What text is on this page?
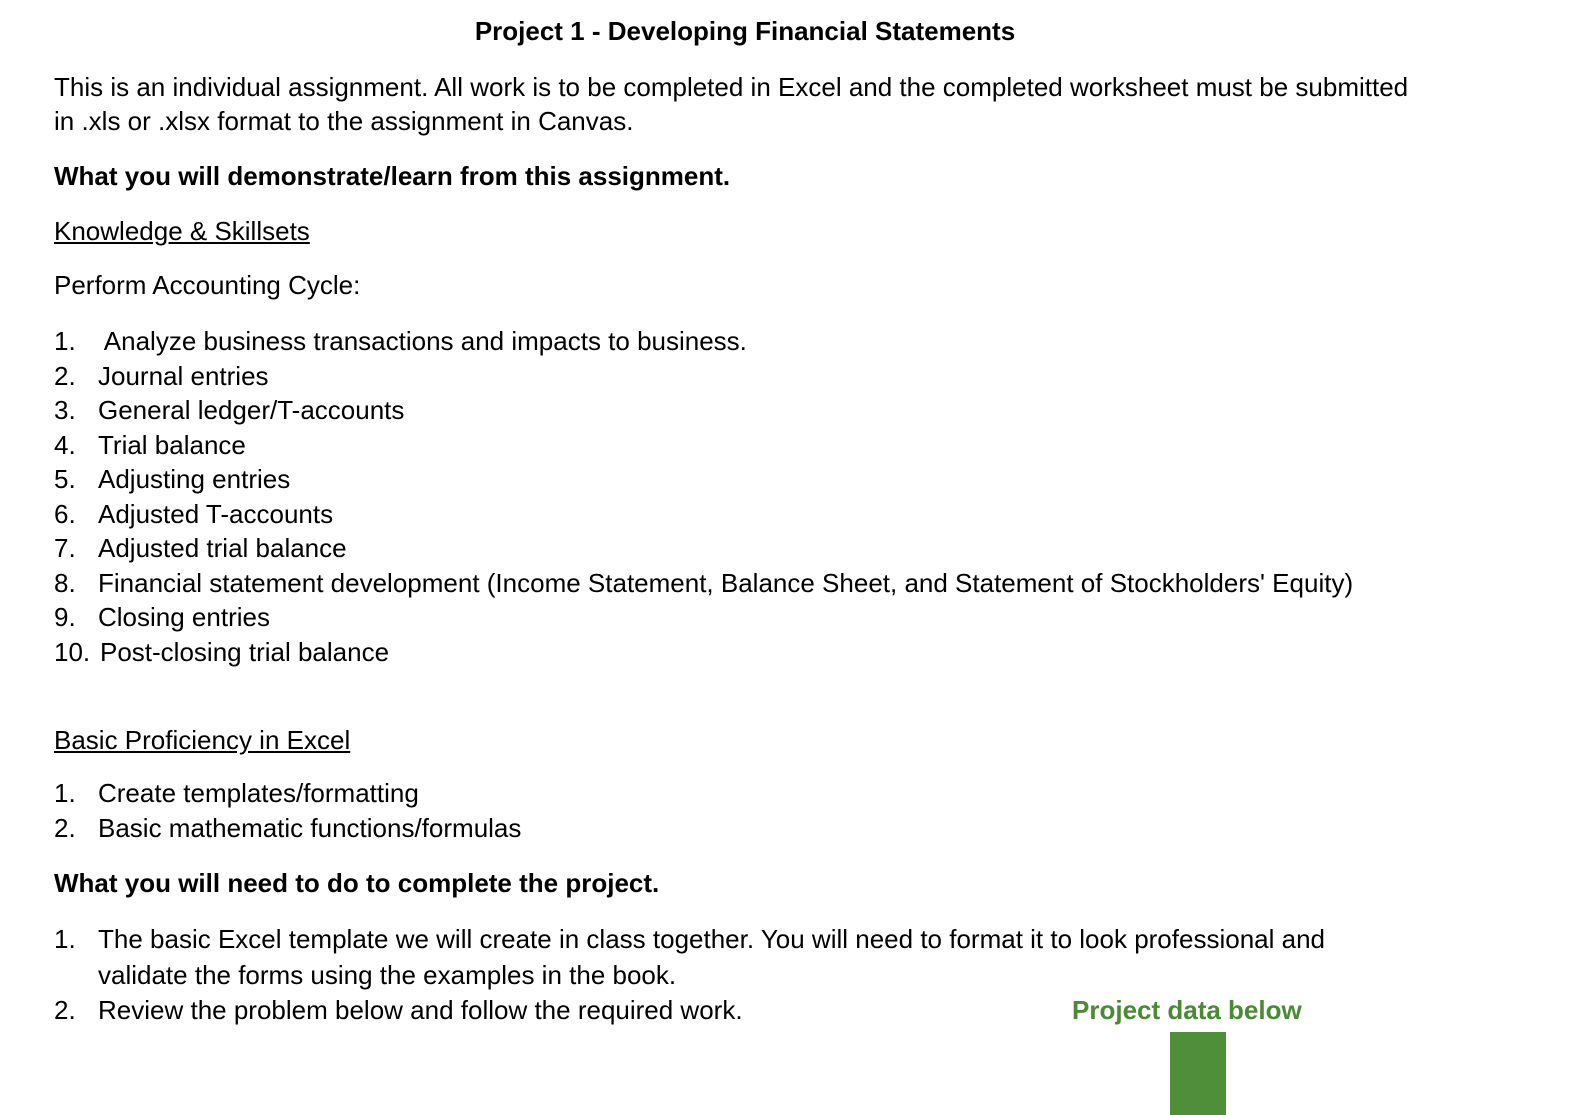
Project 1 - Developing Financial Statements
This is an individual assignment. All work is to be completed in Excel and the completed worksheet must be submitted in .xls or .xlsx format to the assignment in Canvas.
What you will demonstrate/learn from this assignment.
Knowledge & Skillsets
Perform Accounting Cycle:
1. Analyze business transactions and impacts to business.
2. Journal entries
3. General ledger/T-accounts
4. Trial balance
5. Adjusting entries
6. Adjusted T-accounts
7. Adjusted trial balance
8. Financial statement development (Income Statement, Balance Sheet, and Statement of Stockholders' Equity)
9. Closing entries
10. Post-closing trial balance
Basic Proficiency in Excel
1. Create templates/formatting
2. Basic mathematic functions/formulas
What you will need to do to complete the project.
1. The basic Excel template we will create in class together. You will need to format it to look professional and validate the forms using the examples in the book.
2. Review the problem below and follow the required work.	Project data below
